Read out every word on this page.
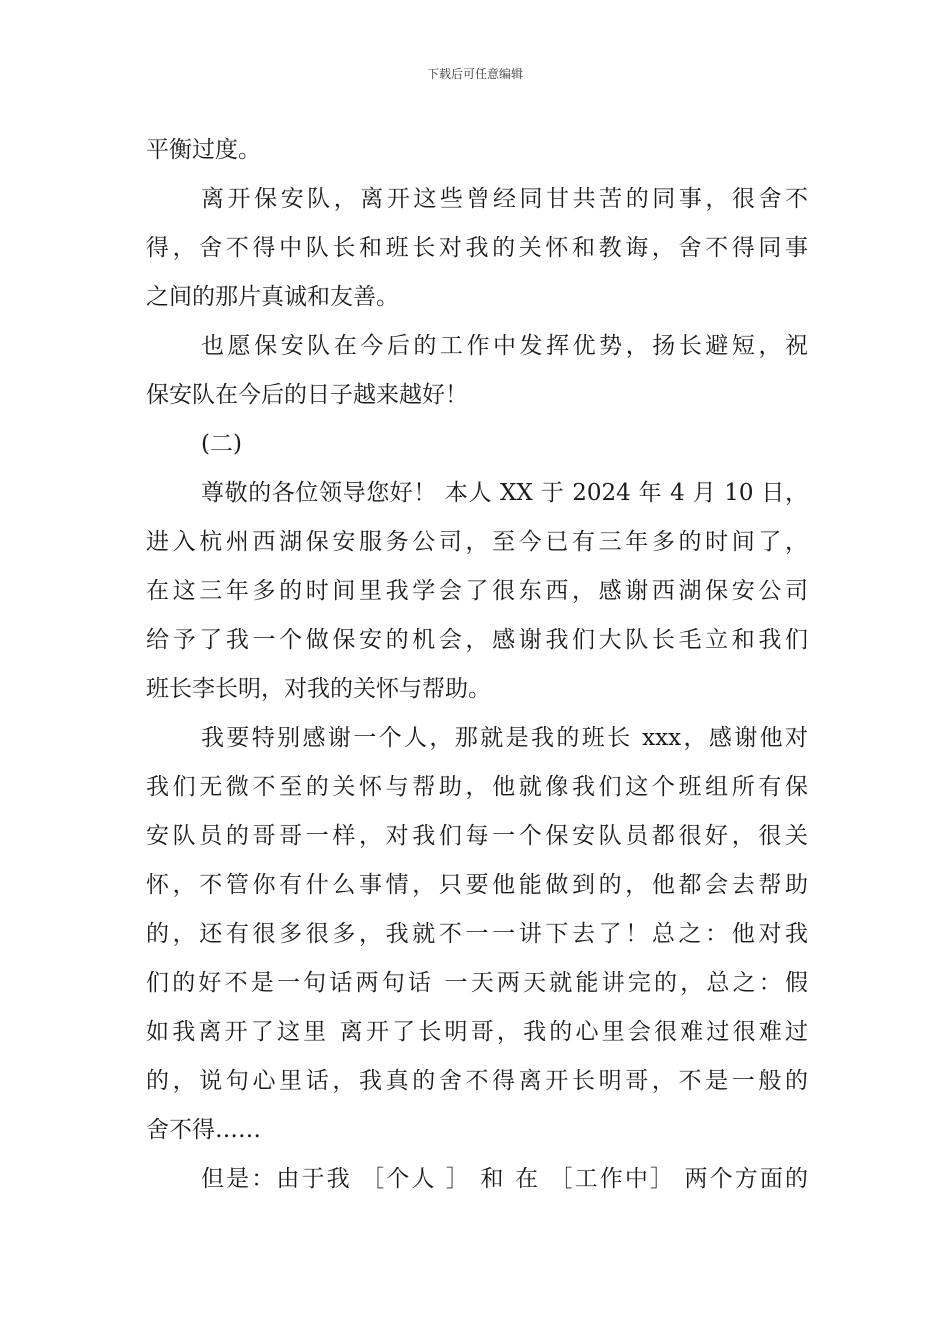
下载后可任意编辑
平衡过度。
离开保安队，离开这些曾经同甘共苦的同事，很舍不
得，舍不得中队长和班长对我的关怀和教诲，舍不得同事
之间的那片真诚和友善。
也愿保安队在今后的工作中发挥优势，扬长避短，祝
保安队在今后的日子越来越好！
(二)
尊敬的各位领导您好！ 本人 XX 于 2024 年 4 月 10 日，
进入杭州西湖保安服务公司，至今已有三年多的时间了，
在这三年多的时间里我学会了很东西，感谢西湖保安公司
给予了我一个做保安的机会，感谢我们大队长毛立和我们
班长李长明，对我的关怀与帮助。
我要特别感谢一个人，那就是我的班长 xxx，感谢他对
我们无微不至的关怀与帮助，他就像我们这个班组所有保
安队员的哥哥一样，对我们每一个保安队员都很好，很关
怀，不管你有什么事情，只要他能做到的，他都会去帮助
的，还有很多很多，我就不一一讲下去了！总之：他对我
们的好不是一句话两句话 一天两天就能讲完的，总之：假
如我离开了这里 离开了长明哥，我的心里会很难过很难过
的，说句心里话，我真的舍不得离开长明哥，不是一般的
舍不得……
但是：由于我 ［个人 ］ 和 在 ［工作中］ 两个方面的
